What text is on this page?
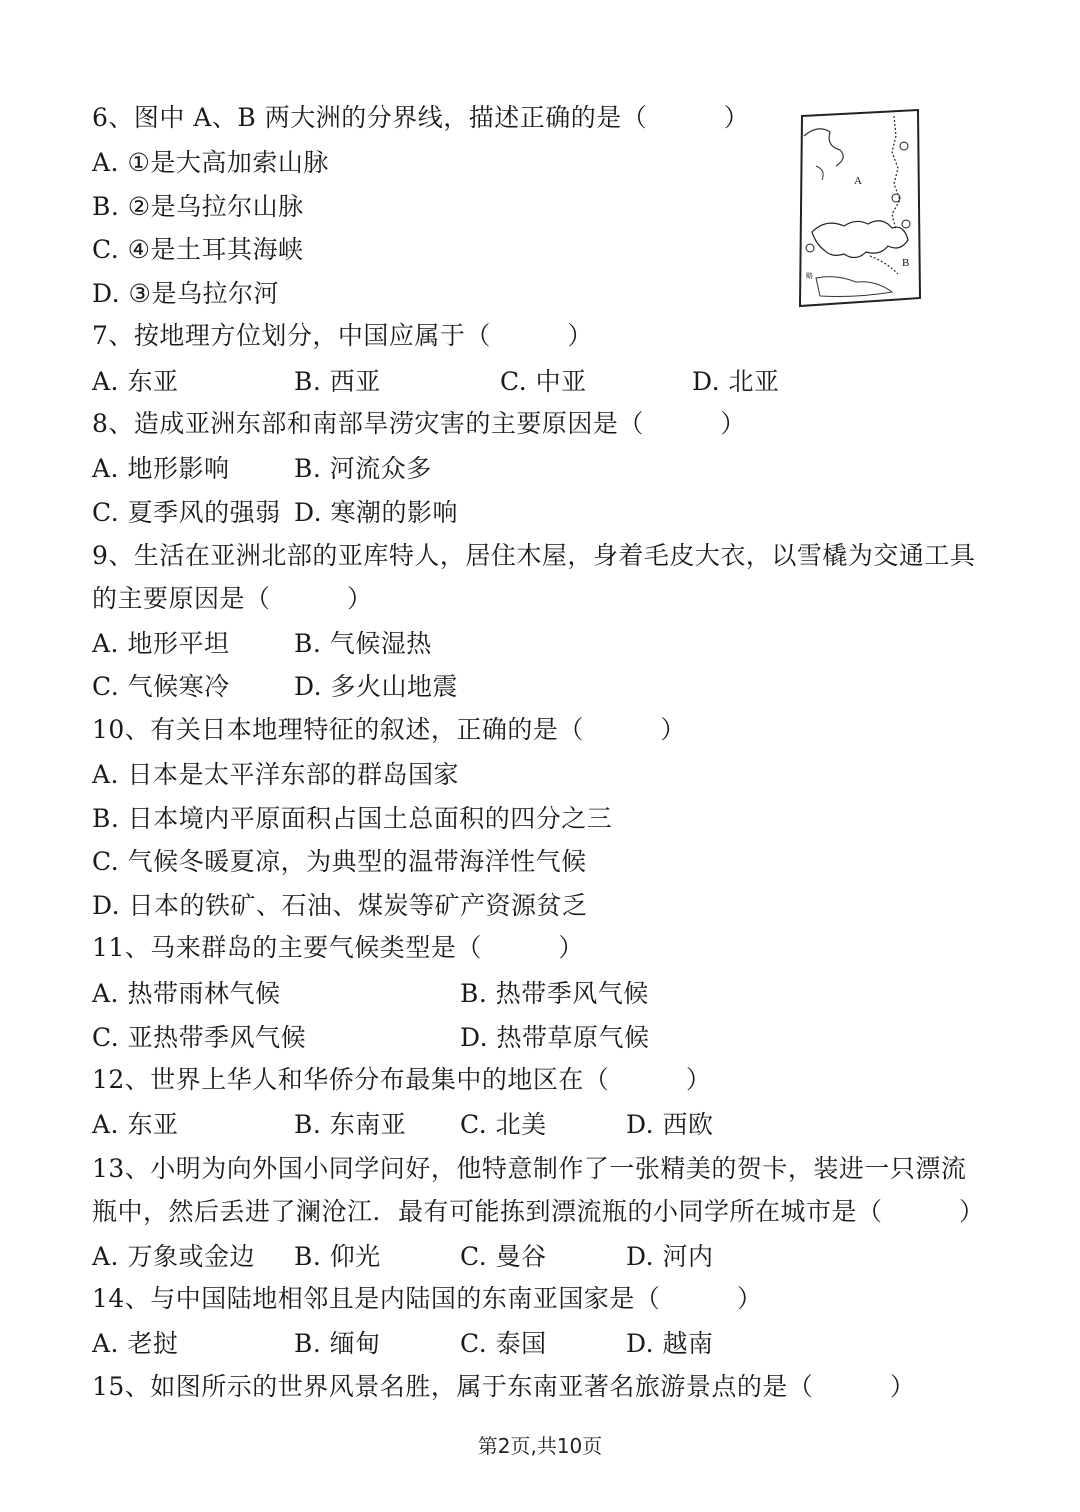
6、图中 A、B 两大洲的分界线，描述正确的是（　　　）
A. ①是大高加索山脉
B. ②是乌拉尔山脉
C. ④是土耳其海峡
D. ③是乌拉尔河
略
A
B
7、按地理方位划分，中国应属于（　　　）
A. 东亚	B. 西亚	C. 中亚	D. 北亚
8、造成亚洲东部和南部旱涝灾害的主要原因是（　　　）
A. 地形影响	B. 河流众多
C. 夏季风的强弱 D. 寒潮的影响
9、生活在亚洲北部的亚库特人，居住木屋，身着毛皮大衣，以雪橇为交通工具
的主要原因是（　　　）
A. 地形平坦	B. 气候湿热
C. 气候寒冷	D. 多火山地震
10、有关日本地理特征的叙述，正确的是（　　　）
A. 日本是太平洋东部的群岛国家
B. 日本境内平原面积占国土总面积的四分之三
C. 气候冬暖夏凉，为典型的温带海洋性气候
D. 日本的铁矿、石油、煤炭等矿产资源贫乏
11、马来群岛的主要气候类型是（　　　）
A. 热带雨林气候	B. 热带季风气候
C. 亚热带季风气候	D. 热带草原气候
12、世界上华人和华侨分布最集中的地区在（　　　）
A. 东亚	B. 东南亚 C. 北美	D. 西欧
13、小明为向外国小同学问好，他特意制作了一张精美的贺卡，装进一只漂流
瓶中，然后丢进了澜沧江．最有可能拣到漂流瓶的小同学所在城市是（　　　）
A. 万象或金边 B. 仰光	C. 曼谷	D. 河内
14、与中国陆地相邻且是内陆国的东南亚国家是（　　　）
A. 老挝	B. 缅甸	C. 泰国	D. 越南
15、如图所示的世界风景名胜，属于东南亚著名旅游景点的是（　　　）
第2页,共10页
